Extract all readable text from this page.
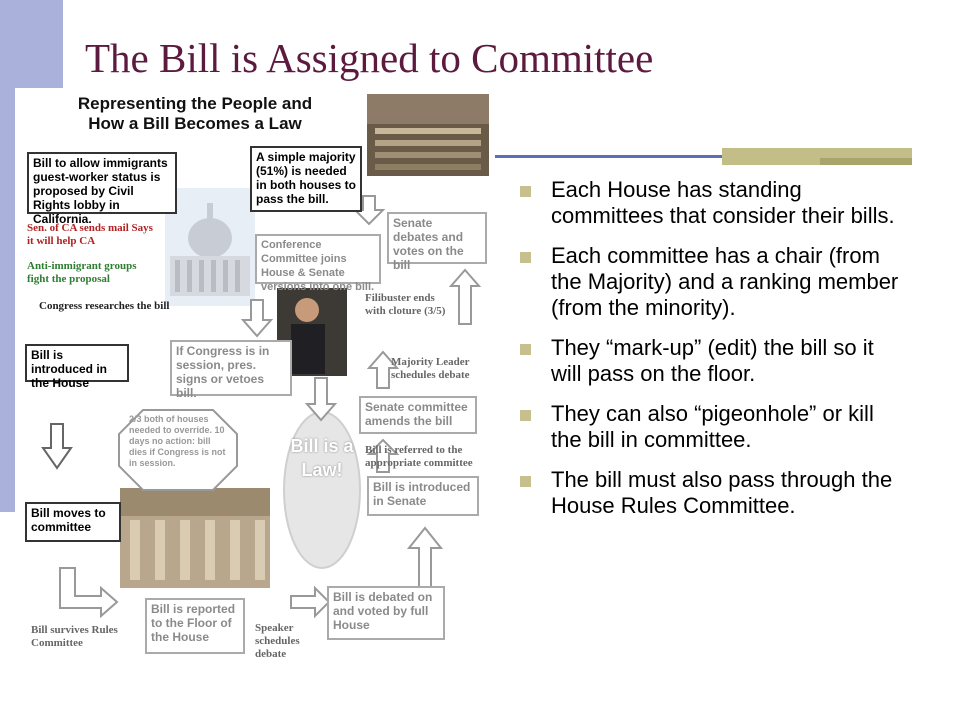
The Bill is Assigned to Committee
Representing the People and
How a Bill Becomes a Law
Bill to allow immigrants guest-worker status is proposed by Civil Rights lobby in California.
A simple majority (51%) is needed in both houses to pass the bill.
Senate debates and votes on the bill
Conference Committee joins House & Senate versions into one bill.
Bill is introduced in the House
If Congress is in session, pres. signs or vetoes bill.
Senate committee amends the bill
2/3 both of houses needed to override. 10 days no action: bill dies if Congress is not in session.
Bill is a Law!
Bill is introduced in Senate
Bill moves to committee
Bill is reported to the Floor of the House
Bill is debated on and voted by full House
Sen. of CA sends mail Says it will help CA
Anti-immigrant groups fight the proposal
Congress researches the bill
Filibuster ends with cloture (3/5)
Majority Leader schedules debate
Bill is referred to the appropriate committee
Bill survives Rules Committee
Speaker schedules debate
Each House has standing committees that consider their bills.
Each committee has a chair (from the Majority) and a ranking member (from the minority).
They “mark-up” (edit) the bill so it will pass on the floor.
They can also “pigeonhole” or kill the bill in committee.
The bill must also pass through the House Rules Committee.
